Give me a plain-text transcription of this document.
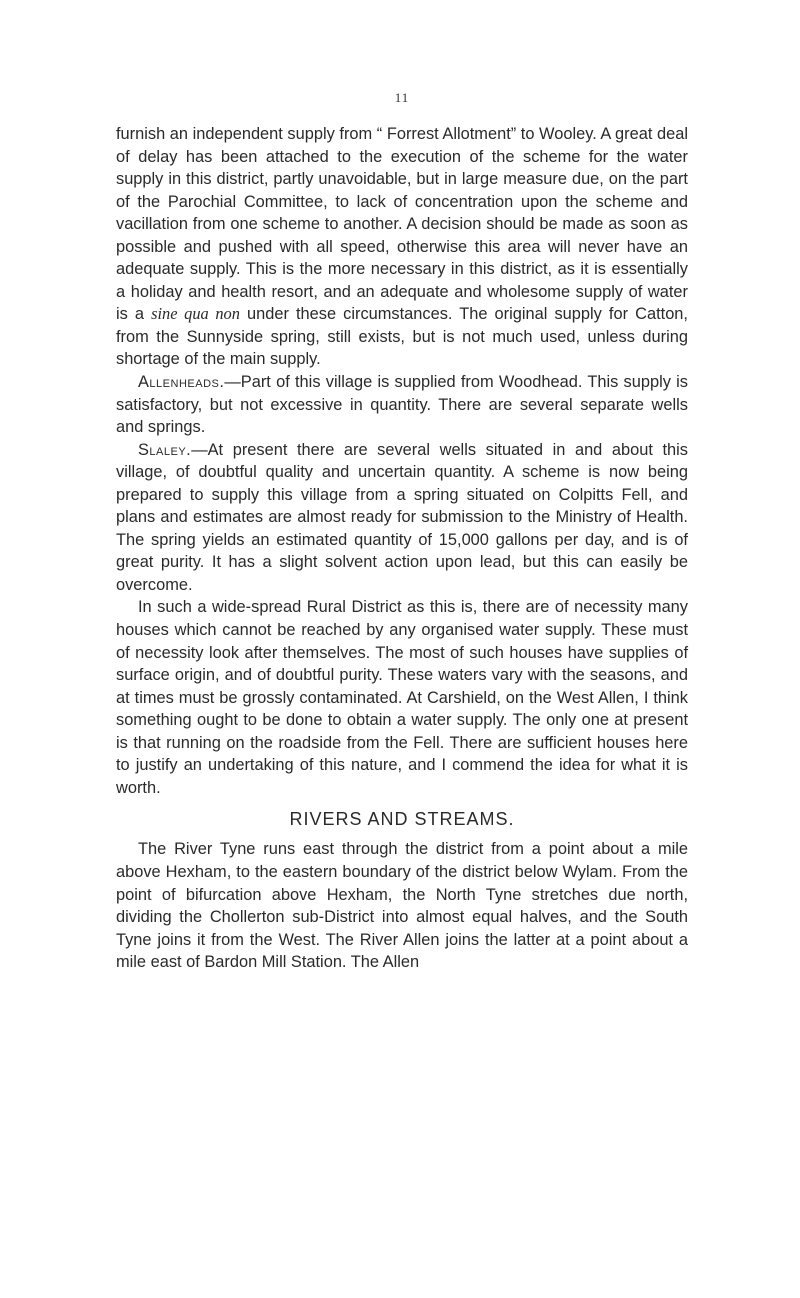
11

furnish an independent supply from “ Forrest Allotment” to Wooley. A great deal of delay has been attached to the execution of the scheme for the water supply in this district, partly unavoidable, but in large measure due, on the part of the Parochial Committee, to lack of concentration upon the scheme and vacillation from one scheme to another. A decision should be made as soon as possible and pushed with all speed, otherwise this area will never have an adequate supply. This is the more necessary in this district, as it is essentially a holiday and health resort, and an adequate and wholesome supply of water is a sine qua non under these circumstances. The original supply for Catton, from the Sunnyside spring, still exists, but is not much used, unless during shortage of the main supply.

Allenheads.—Part of this village is supplied from Woodhead. This supply is satisfactory, but not excessive in quantity. There are several separate wells and springs.

Slaley.—At present there are several wells situated in and about this village, of doubtful quality and uncertain quantity. A scheme is now being prepared to supply this village from a spring situated on Colpitts Fell, and plans and estimates are almost ready for submission to the Ministry of Health. The spring yields an estimated quantity of 15,000 gallons per day, and is of great purity. It has a slight solvent action upon lead, but this can easily be overcome.

In such a wide-spread Rural District as this is, there are of necessity many houses which cannot be reached by any organised water supply. These must of necessity look after themselves. The most of such houses have supplies of surface origin, and of doubtful purity. These waters vary with the seasons, and at times must be grossly contaminated. At Carshield, on the West Allen, I think something ought to be done to obtain a water supply. The only one at present is that running on the roadside from the Fell. There are sufficient houses here to justify an undertaking of this nature, and I commend the idea for what it is worth.

RIVERS AND STREAMS.

The River Tyne runs east through the district from a point about a mile above Hexham, to the eastern boundary of the district below Wylam. From the point of bifurcation above Hexham, the North Tyne stretches due north, dividing the Chollerton sub-District into almost equal halves, and the South Tyne joins it from the West. The River Allen joins the latter at a point about a mile east of Bardon Mill Station. The Allen
